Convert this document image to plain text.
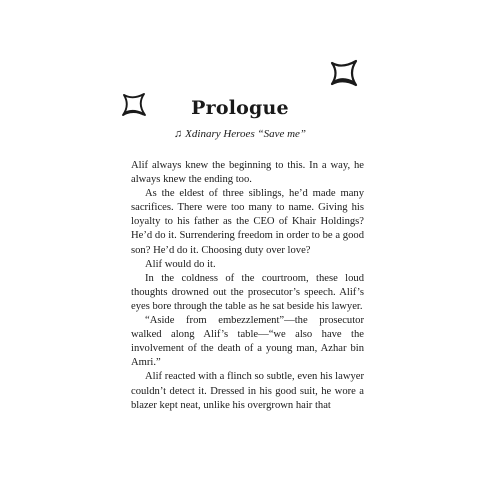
Prologue
♫ Xdinary Heroes “Save me”

Alif always knew the beginning to this. In a way, he always knew the ending too.

As the eldest of three siblings, he’d made many sacrifices. There were too many to name. Giving his loyalty to his father as the CEO of Khair Holdings? He’d do it. Surrendering freedom in order to be a good son? He’d do it. Choosing duty over love?

Alif would do it.

In the coldness of the courtroom, these loud thoughts drowned out the prosecutor’s speech. Alif’s eyes bore through the table as he sat beside his lawyer.

“Aside from embezzlement”—the prosecutor walked along Alif’s table—“we also have the involvement of the death of a young man, Azhar bin Amri.”

Alif reacted with a flinch so subtle, even his lawyer couldn’t detect it. Dressed in his good suit, he wore a blazer kept neat, unlike his overgrown hair that
